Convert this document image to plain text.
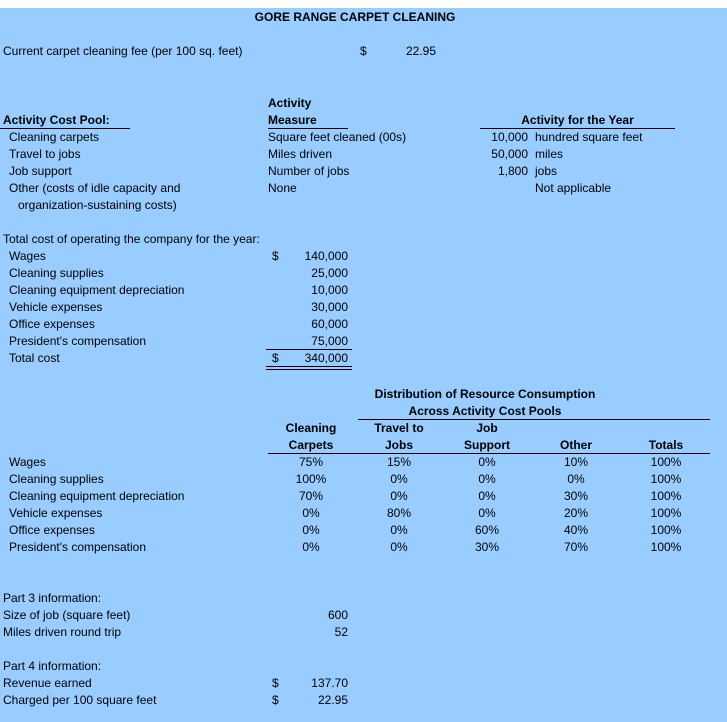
GORE RANGE CARPET CLEANING
Current carpet cleaning fee (per 100 sq. feet)	$	22.95
Activity
Activity Cost Pool:	Measure	Activity for the Year
Cleaning carpets	Square feet cleaned (00s)	10,000 hundred square feet
Travel to jobs	Miles driven	50,000 miles
Job support	Number of jobs	1,800 jobs
Other (costs of idle capacity and	None	Not applicable
organization-sustaining costs)
Total cost of operating the company for the year:
$
Wages	140,000
Cleaning supplies	25,000
Cleaning equipment depreciation	10,000
Vehicle expenses	30,000
Office expenses	60,000
President's compensation	75,000
Total cost	$	340,000
Distribution of Resource Consumption
Across Activity Cost Pools
Cleaning	Travel to	Job
Carpets	Jobs	Support	Other	Totals
Wages	75%	15%	0%	10%	100%
Cleaning supplies	100%	0%	0%	0%	100%
Cleaning equipment depreciation	70%	0%	0%	30%	100%
Vehicle expenses	0%	80%	0%	20%	100%
Office expenses	0%	0%	60%	40%	100%
President's compensation	0%	0%	30%	70%	100%
Part 3 information:
Size of job (square feet)	600
Miles driven round trip	52
Part 4 information:
Revenue earned	$	137.70
Charged per 100 square feet	$	22.95
